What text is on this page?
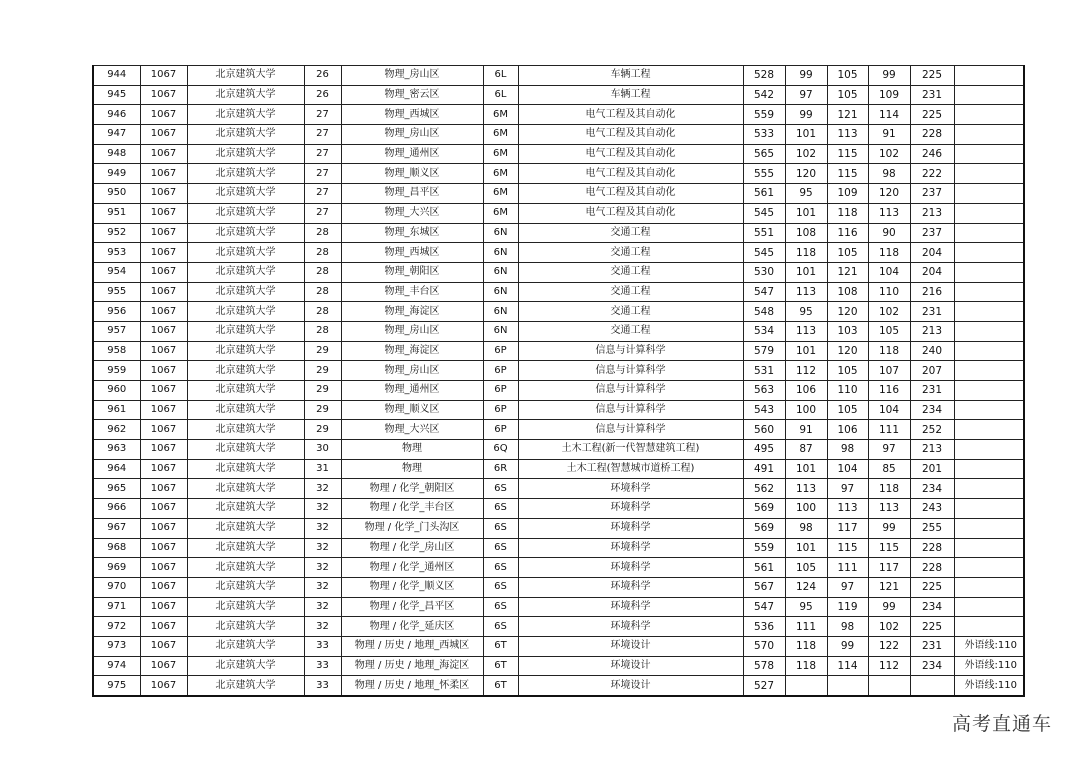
944	1067	北京建筑大学	26	物理_房山区	6L	车辆工程	528	99	105	99	225	
945	1067	北京建筑大学	26	物理_密云区	6L	车辆工程	542	97	105	109	231	
946	1067	北京建筑大学	27	物理_西城区	6M	电气工程及其自动化	559	99	121	114	225	
947	1067	北京建筑大学	27	物理_房山区	6M	电气工程及其自动化	533	101	113	91	228	
948	1067	北京建筑大学	27	物理_通州区	6M	电气工程及其自动化	565	102	115	102	246	
949	1067	北京建筑大学	27	物理_顺义区	6M	电气工程及其自动化	555	120	115	98	222	
950	1067	北京建筑大学	27	物理_昌平区	6M	电气工程及其自动化	561	95	109	120	237	
951	1067	北京建筑大学	27	物理_大兴区	6M	电气工程及其自动化	545	101	118	113	213	
952	1067	北京建筑大学	28	物理_东城区	6N	交通工程	551	108	116	90	237	
953	1067	北京建筑大学	28	物理_西城区	6N	交通工程	545	118	105	118	204	
954	1067	北京建筑大学	28	物理_朝阳区	6N	交通工程	530	101	121	104	204	
955	1067	北京建筑大学	28	物理_丰台区	6N	交通工程	547	113	108	110	216	
956	1067	北京建筑大学	28	物理_海淀区	6N	交通工程	548	95	120	102	231	
957	1067	北京建筑大学	28	物理_房山区	6N	交通工程	534	113	103	105	213	
958	1067	北京建筑大学	29	物理_海淀区	6P	信息与计算科学	579	101	120	118	240	
959	1067	北京建筑大学	29	物理_房山区	6P	信息与计算科学	531	112	105	107	207	
960	1067	北京建筑大学	29	物理_通州区	6P	信息与计算科学	563	106	110	116	231	
961	1067	北京建筑大学	29	物理_顺义区	6P	信息与计算科学	543	100	105	104	234	
962	1067	北京建筑大学	29	物理_大兴区	6P	信息与计算科学	560	91	106	111	252	
963	1067	北京建筑大学	30	物理	6Q	土木工程(新一代智慧建筑工程)	495	87	98	97	213	
964	1067	北京建筑大学	31	物理	6R	土木工程(智慧城市道桥工程)	491	101	104	85	201	
965	1067	北京建筑大学	32	物理 / 化学_朝阳区	6S	环境科学	562	113	97	118	234	
966	1067	北京建筑大学	32	物理 / 化学_丰台区	6S	环境科学	569	100	113	113	243	
967	1067	北京建筑大学	32	物理 / 化学_门头沟区	6S	环境科学	569	98	117	99	255	
968	1067	北京建筑大学	32	物理 / 化学_房山区	6S	环境科学	559	101	115	115	228	
969	1067	北京建筑大学	32	物理 / 化学_通州区	6S	环境科学	561	105	111	117	228	
970	1067	北京建筑大学	32	物理 / 化学_顺义区	6S	环境科学	567	124	97	121	225	
971	1067	北京建筑大学	32	物理 / 化学_昌平区	6S	环境科学	547	95	119	99	234	
972	1067	北京建筑大学	32	物理 / 化学_延庆区	6S	环境科学	536	111	98	102	225	
973	1067	北京建筑大学	33	物理 / 历史 / 地理_西城区	6T	环境设计	570	118	99	122	231	外语线:110
974	1067	北京建筑大学	33	物理 / 历史 / 地理_海淀区	6T	环境设计	578	118	114	112	234	外语线:110
975	1067	北京建筑大学	33	物理 / 历史 / 地理_怀柔区	6T	环境设计	527					外语线:110
高考直通车
